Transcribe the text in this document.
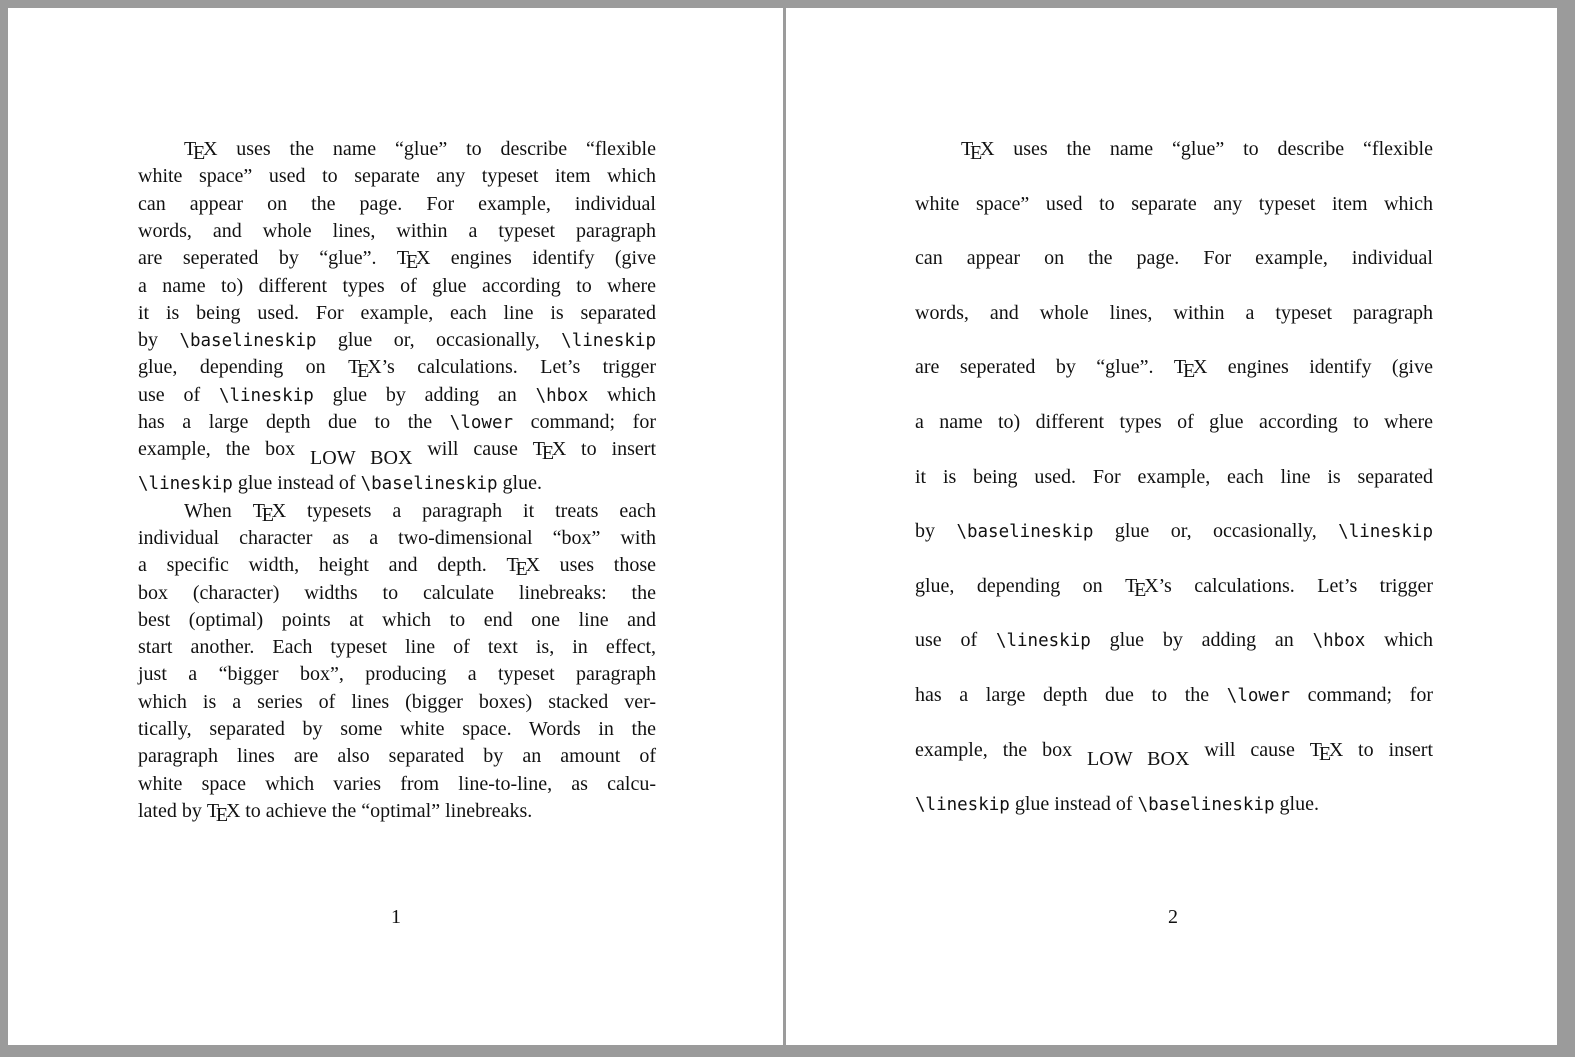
TEX uses the name “glue” to describe “flexible
white space” used to separate any typeset item which
can appear on the page. For example, individual
words, and whole lines, within a typeset paragraph
are seperated by “glue”. TEX engines identify (give
a name to) different types of glue according to where
it is being used. For example, each line is separated
by \baselineskip glue or, occasionally, \lineskip
glue, depending on TEX’s calculations. Let’s trigger
use of \lineskip glue by adding an \hbox which
has a large depth due to the \lower command; for
example, the box LOW BOX will cause TEX to insert
\lineskip glue instead of \baselineskip glue.
When TEX typesets a paragraph it treats each
individual character as a two-dimensional “box” with
a specific width, height and depth. TEX uses those
box (character) widths to calculate linebreaks: the
best (optimal) points at which to end one line and
start another. Each typeset line of text is, in effect,
just a “bigger box”, producing a typeset paragraph
which is a series of lines (bigger boxes) stacked ver-
tically, separated by some white space. Words in the
paragraph lines are also separated by an amount of
white space which varies from line-to-line, as calcu-
lated by TEX to achieve the “optimal” linebreaks.
1
TEX uses the name “glue” to describe “flexible
white space” used to separate any typeset item which
can appear on the page. For example, individual
words, and whole lines, within a typeset paragraph
are seperated by “glue”. TEX engines identify (give
a name to) different types of glue according to where
it is being used. For example, each line is separated
by \baselineskip glue or, occasionally, \lineskip
glue, depending on TEX’s calculations. Let’s trigger
use of \lineskip glue by adding an \hbox which
has a large depth due to the \lower command; for
example, the box LOW BOX will cause TEX to insert
\lineskip glue instead of \baselineskip glue.
2
